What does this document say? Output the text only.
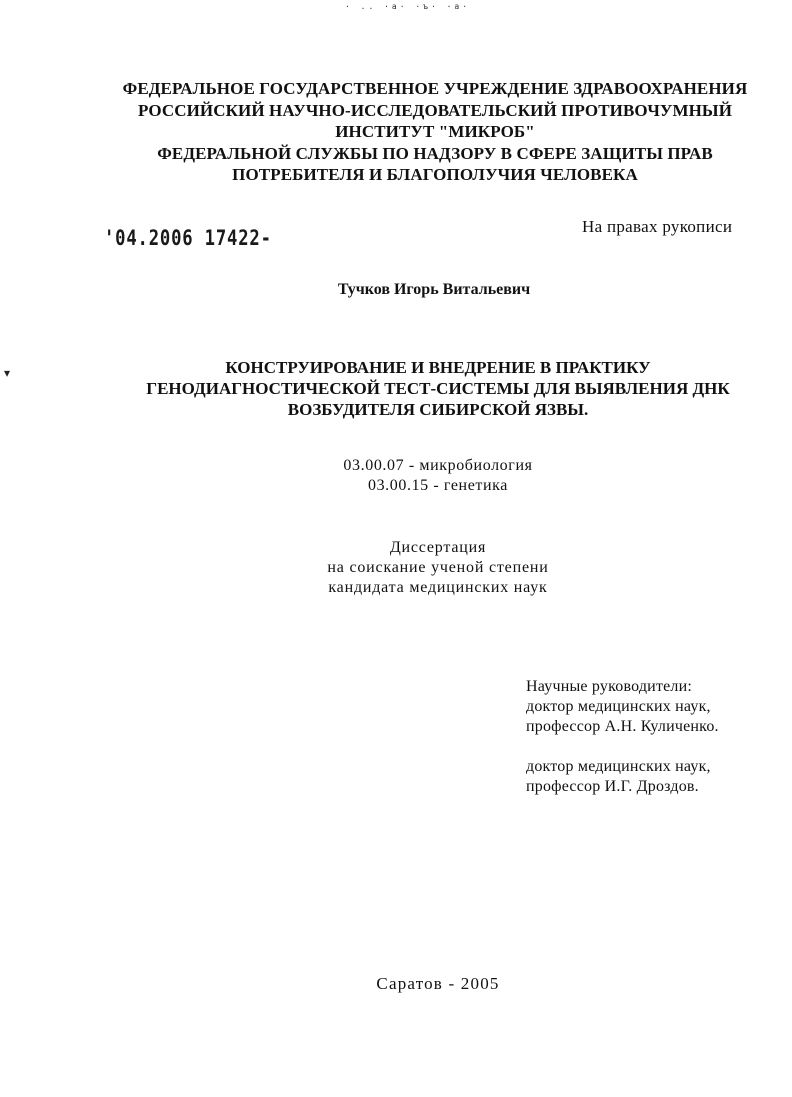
· .. ·а· ·ъ· ·а·
ФЕДЕРАЛЬНОЕ ГОСУДАРСТВЕННОЕ УЧРЕЖДЕНИЕ ЗДРАВООХРАНЕНИЯ
РОССИЙСКИЙ НАУЧНО-ИССЛЕДОВАТЕЛЬСКИЙ ПРОТИВОЧУМНЫЙ
ИНСТИТУТ "МИКРОБ"
ФЕДЕРАЛЬНОЙ СЛУЖБЫ ПО НАДЗОРУ В СФЕРЕ ЗАЩИТЫ ПРАВ
ПОТРЕБИТЕЛЯ И БЛАГОПОЛУЧИЯ ЧЕЛОВЕКА
'04.2006 17422-	На правах рукописи
Тучков Игорь Витальевич
▾	КОНСТРУИРОВАНИЕ И ВНЕДРЕНИЕ В ПРАКТИКУ
ГЕНОДИАГНОСТИЧЕСКОЙ ТЕСТ-СИСТЕМЫ ДЛЯ ВЫЯВЛЕНИЯ ДНК
ВОЗБУДИТЕЛЯ СИБИРСКОЙ ЯЗВЫ.
03.00.07 - микробиология
03.00.15 - генетика
Диссертация
на соискание ученой степени
кандидата медицинских наук
Научные руководители:
доктор медицинских наук,
профессор А.Н. Куличенко.
доктор медицинских наук,
профессор И.Г. Дроздов.
Саратов - 2005
